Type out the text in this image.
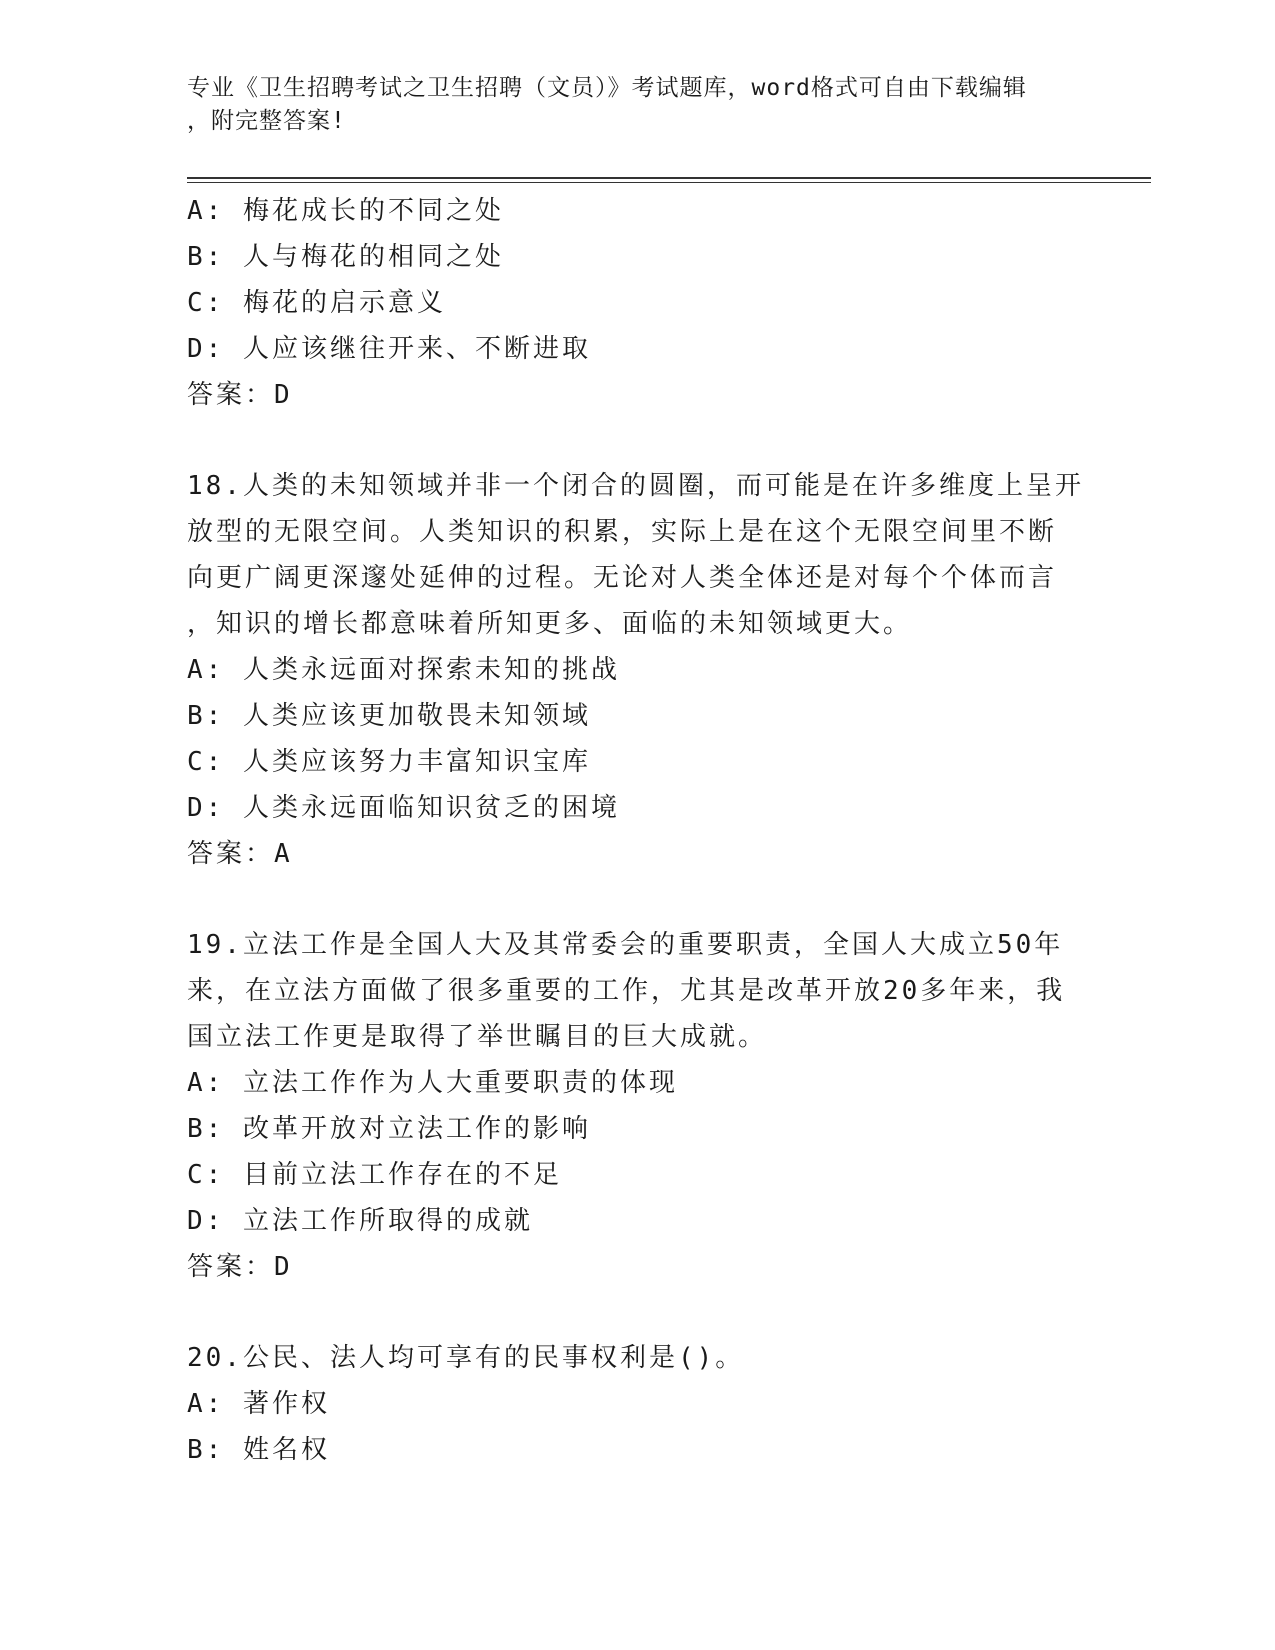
专业《卫生招聘考试之卫生招聘（文员）》考试题库，word格式可自由下载编辑
，附完整答案!
A: 梅花成长的不同之处
B: 人与梅花的相同之处
C: 梅花的启示意义
D: 人应该继往开来、不断进取
答案：D
18.人类的未知领域并非一个闭合的圆圈，而可能是在许多维度上呈开
放型的无限空间。人类知识的积累，实际上是在这个无限空间里不断
向更广阔更深邃处延伸的过程。无论对人类全体还是对每个个体而言
，知识的增长都意味着所知更多、面临的未知领域更大。
A: 人类永远面对探索未知的挑战
B: 人类应该更加敬畏未知领域
C: 人类应该努力丰富知识宝库
D: 人类永远面临知识贫乏的困境
答案：A
19.立法工作是全国人大及其常委会的重要职责，全国人大成立50年
来，在立法方面做了很多重要的工作，尤其是改革开放20多年来，我
国立法工作更是取得了举世瞩目的巨大成就。
A: 立法工作作为人大重要职责的体现
B: 改革开放对立法工作的影响
C: 目前立法工作存在的不足
D: 立法工作所取得的成就
答案：D
20.公民、法人均可享有的民事权利是()。
A: 著作权
B: 姓名权
